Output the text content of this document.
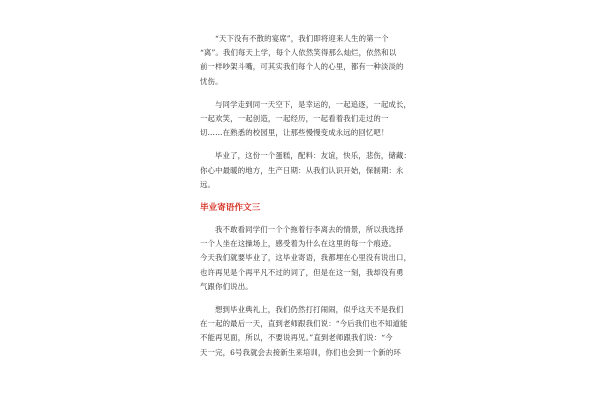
“天下没有不散的宴席”，我们即将迎来人生的第一个
“离”。我们每天上学，每个人依然笑得那么灿烂，依然和以
前一样吵架斗嘴，可其实我们每个人的心里，都有一种淡淡的
忧伤。

与同学走到同一天空下，是幸运的，一起追逐，一起成长，
一起欢笑，一起创造，一起经历，一起看着我们走过的一
切……在熟悉的校园里，让那些慢慢变成永远的回忆吧！

毕业了，这份一个蛋糕，配料：友谊，快乐，悲伤，储藏：
你心中最暖的地方，生产日期：从我们认识开始，保制期：永
远。

毕业寄语作文三

我不敢看同学们一个个拖着行李离去的情景，所以我选择
一个人坐在这操场上，感受着为什么在这里的每一个痕迹。
今天我们就要毕业了，这毕业寄语，我都埋在心里没有说出口，
也许再见是个再平凡不过的词了，但是在这一刻，我却没有勇
气跟你们说出。

想到毕业典礼上，我们仍然打打闹闹，似乎这天不是我们
在一起的最后一天，直到老师跟我们说：“今后我们也不知道能
不能再见面，所以，不要说再见。”直到老师跟我们说：“今
天一完，6号我就会去接新生来培训，你们也会到一个新的环
